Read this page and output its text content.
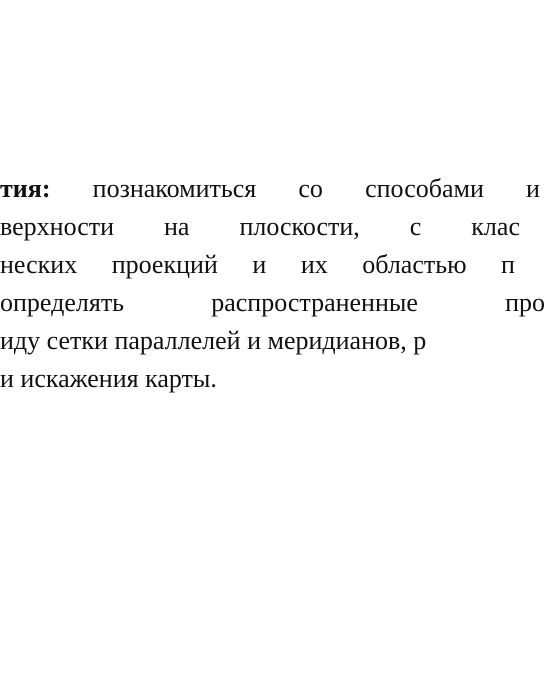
тия: познакомиться со способами и
верхности на плоскости, с клас
неских проекций и их областью п
определять	распространенные	про
иду сетки параллелей и меридианов, р
и искажения карты.
